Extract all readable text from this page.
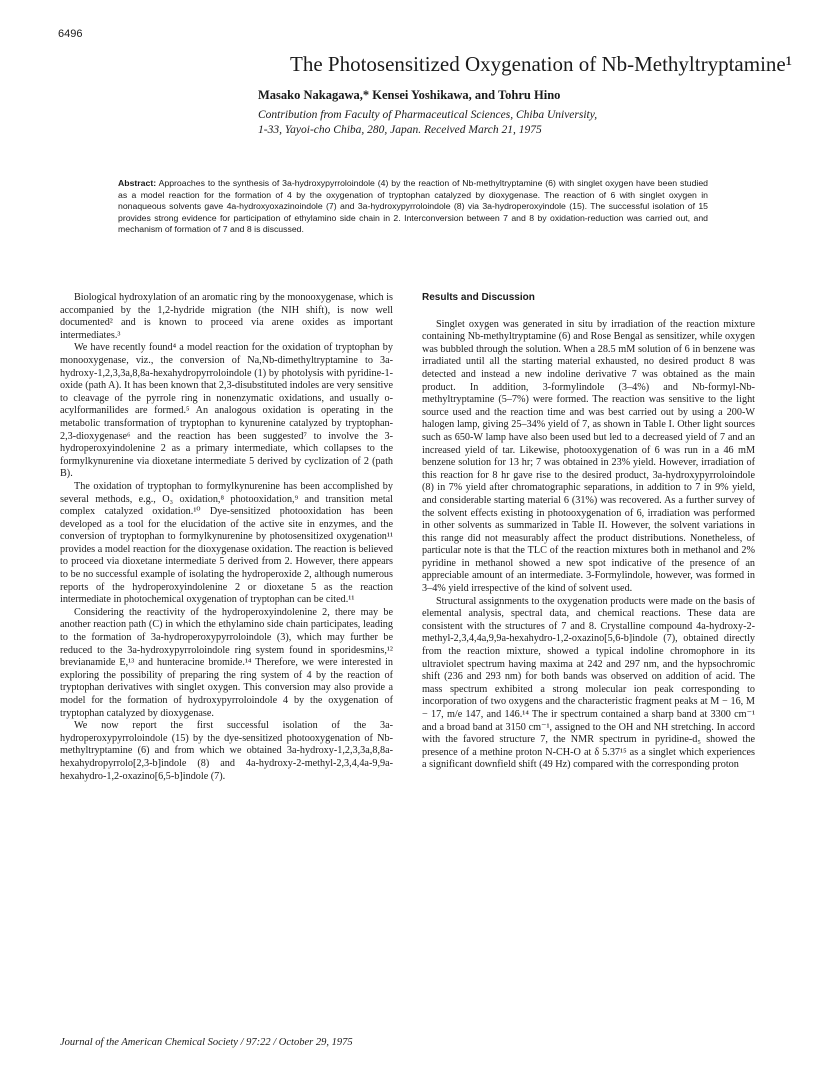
6496
The Photosensitized Oxygenation of Nb-Methyltryptamine¹
Masako Nakagawa,* Kensei Yoshikawa, and Tohru Hino
Contribution from Faculty of Pharmaceutical Sciences, Chiba University,
1-33, Yayoi-cho Chiba, 280, Japan. Received March 21, 1975
Abstract: Approaches to the synthesis of 3a-hydroxypyrroloindole (4) by the reaction of Nb-methyltryptamine (6) with singlet oxygen have been studied as a model reaction for the formation of 4 by the oxygenation of tryptophan catalyzed by dioxygenase. The reaction of 6 with singlet oxygen in nonaqueous solvents gave 4a-hydroxyoxazinoindole (7) and 3a-hydroxypyrroloindole (8) via 3a-hydroperoxyindole (15). The successful isolation of 15 provides strong evidence for participation of ethylamino side chain in 2. Interconversion between 7 and 8 by oxidation-reduction was carried out, and mechanism of formation of 7 and 8 is discussed.

Biological hydroxylation of an aromatic ring by the monooxygenase, which is accompanied by the 1,2-hydride migration (the NIH shift), is now well documented² and is known to proceed via arene oxides as important intermediates.³

We have recently found⁴ a model reaction for the oxidation of tryptophan by monooxygenase, viz., the conversion of Na,Nb-dimethyltryptamine to 3a-hydroxy-1,2,3,3a,8,8a-hexahydropyrroloindole (1) by photolysis with pyridine-1-oxide (path A). It has been known that 2,3-disubstituted indoles are very sensitive to cleavage of the pyrrole ring in nonenzymatic oxidations, and usually o-acylformanilides are formed.⁵ An analogous oxidation is operating in the metabolic transformation of tryptophan to kynurenine catalyzed by tryptophan-2,3-dioxygenase⁶ and the reaction has been suggested⁷ to involve the 3-hydroperoxyindolenine 2 as a primary intermediate, which collapses to the formylkynurenine via dioxetane intermediate 5 derived by cyclization of 2 (path B).

The oxidation of tryptophan to formylkynurenine has been accomplished by several methods, e.g., O₃ oxidation,⁸ photooxidation,⁹ and transition metal complex catalyzed oxidation.¹⁰ Dye-sensitized photooxidation has been developed as a tool for the elucidation of the active site in enzymes, and the conversion of tryptophan to formylkynurenine by photosensitized oxygenation¹¹ provides a model reaction for the dioxygenase oxidation. The reaction is believed to proceed via dioxetane intermediate 5 derived from 2. However, there appears to be no successful example of isolating the hydroperoxide 2, although numerous reports of the hydroperoxyindolenine 2 or dioxetane 5 as the reaction intermediate in photochemical oxygenation of tryptophan can be cited.¹¹

Considering the reactivity of the hydroperoxyindolenine 2, there may be another reaction path (C) in which the ethylamino side chain participates, leading to the formation of 3a-hydroperoxypyrroloindole (3), which may further be reduced to the 3a-hydroxypyrroloindole ring system found in sporidesmins,¹² brevianamide E,¹³ and hunteracine bromide.¹⁴ Therefore, we were interested in exploring the possibility of preparing the ring system of 4 by the reaction of tryptophan derivatives with singlet oxygen. This conversion may also provide a model for the formation of hydroxypyrroloindole 4 by the oxygenation of tryptophan catalyzed by dioxygenase.

We now report the first successful isolation of the 3a-hydroperoxypyrroloindole (15) by the dye-sensitized photooxygenation of Nb-methyltryptamine (6) and from which we obtained 3a-hydroxy-1,2,3,3a,8,8a-hexahydropyrrolo[2,3-b]indole (8) and 4a-hydroxy-2-methyl-2,3,4,4a-9,9a-hexahydro-1,2-oxazino[6,5-b]indole (7).

Results and Discussion

Singlet oxygen was generated in situ by irradiation of the reaction mixture containing Nb-methyltryptamine (6) and Rose Bengal as sensitizer, while oxygen was bubbled through the solution. When a 28.5 mM solution of 6 in benzene was irradiated until all the starting material exhausted, no desired product 8 was detected and instead a new indoline derivative 7 was obtained as the main product. In addition, 3-formylindole (3–4%) and Nb-formyl-Nb-methyltryptamine (5–7%) were formed. The reaction was sensitive to the light source used and the reaction time and was best carried out by using a 200-W halogen lamp, giving 25–34% yield of 7, as shown in Table I. Other light sources such as 650-W lamp have also been used but led to a decreased yield of 7 and an increased yield of tar. Likewise, photooxygenation of 6 was run in a 46 mM benzene solution for 13 hr; 7 was obtained in 23% yield. However, irradiation of this reaction for 8 hr gave rise to the desired product, 3a-hydroxypyrroloindole (8) in 7% yield after chromatographic separations, in addition to 7 in 9% yield, and considerable starting material 6 (31%) was recovered. As a further survey of the solvent effects existing in photooxygenation of 6, irradiation was performed in other solvents as summarized in Table II. However, the solvent variations in this range did not measurably affect the product distributions. Nonetheless, of particular note is that the TLC of the reaction mixtures both in methanol and 2% pyridine in methanol showed a new spot indicative of the presence of an appreciable amount of an intermediate. 3-Formylindole, however, was formed in 3–4% yield irrespective of the kind of solvent used.

Structural assignments to the oxygenation products were made on the basis of elemental analysis, spectral data, and chemical reactions. These data are consistent with the structures of 7 and 8. Crystalline compound 4a-hydroxy-2-methyl-2,3,4,4a,9,9a-hexahydro-1,2-oxazino[5,6-b]indole (7), obtained directly from the reaction mixture, showed a typical indoline chromophore in its ultraviolet spectrum having maxima at 242 and 297 nm, and the hypsochromic shift (236 and 293 nm) for both bands was observed on addition of acid. The mass spectrum exhibited a strong molecular ion peak corresponding to incorporation of two oxygens and the characteristic fragment peaks at M − 16, M − 17, m/e 147, and 146.¹⁴ The ir spectrum contained a sharp band at 3300 cm⁻¹ and a broad band at 3150 cm⁻¹, assigned to the OH and NH stretching. In accord with the favored structure 7, the NMR spectrum in pyridine-d₅ showed the presence of a methine proton N-CH-O at δ 5.37¹⁵ as a singlet which experiences a significant downfield shift (49 Hz) compared with the corresponding proton

Journal of the American Chemical Society / 97:22 / October 29, 1975
